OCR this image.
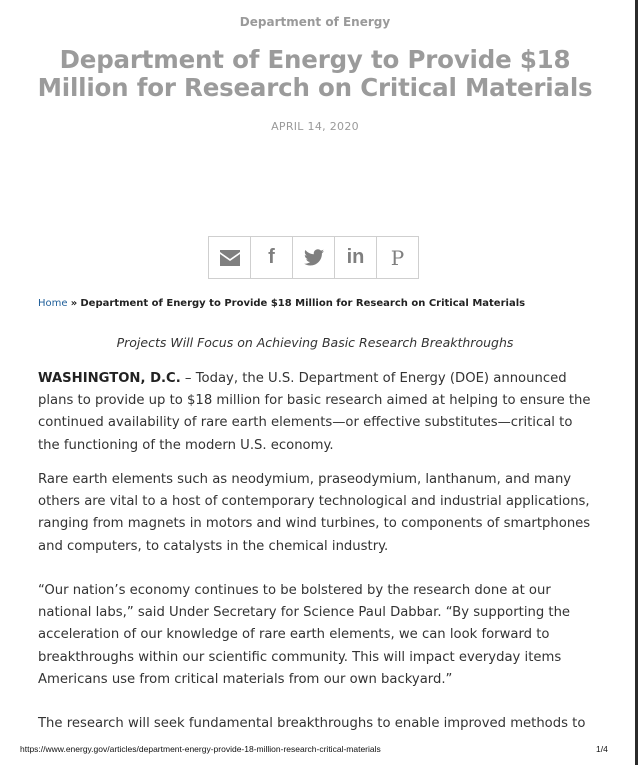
Department of Energy
Department of Energy to Provide $18 Million for Research on Critical Materials
APRIL 14, 2020
f	in P
Home » Department of Energy to Provide $18 Million for Research on Critical Materials
Projects Will Focus on Achieving Basic Research Breakthroughs

WASHINGTON, D.C. – Today, the U.S. Department of Energy (DOE) announced plans to provide up to $18 million for basic research aimed at helping to ensure the continued availability of rare earth elements—or effective substitutes—critical to the functioning of the modern U.S. economy.

Rare earth elements such as neodymium, praseodymium, lanthanum, and many others are vital to a host of contemporary technological and industrial applications, ranging from magnets in motors and wind turbines, to components of smartphones and computers, to catalysts in the chemical industry.

“Our nation’s economy continues to be bolstered by the research done at our national labs,” said Under Secretary for Science Paul Dabbar. “By supporting the acceleration of our knowledge of rare earth elements, we can look forward to breakthroughs within our scientific community. This will impact everyday items Americans use from critical materials from our own backyard.”

The research will seek fundamental breakthroughs to enable improved methods to

https://www.energy.gov/articles/department-energy-provide-18-million-research-critical-materials	1/4
